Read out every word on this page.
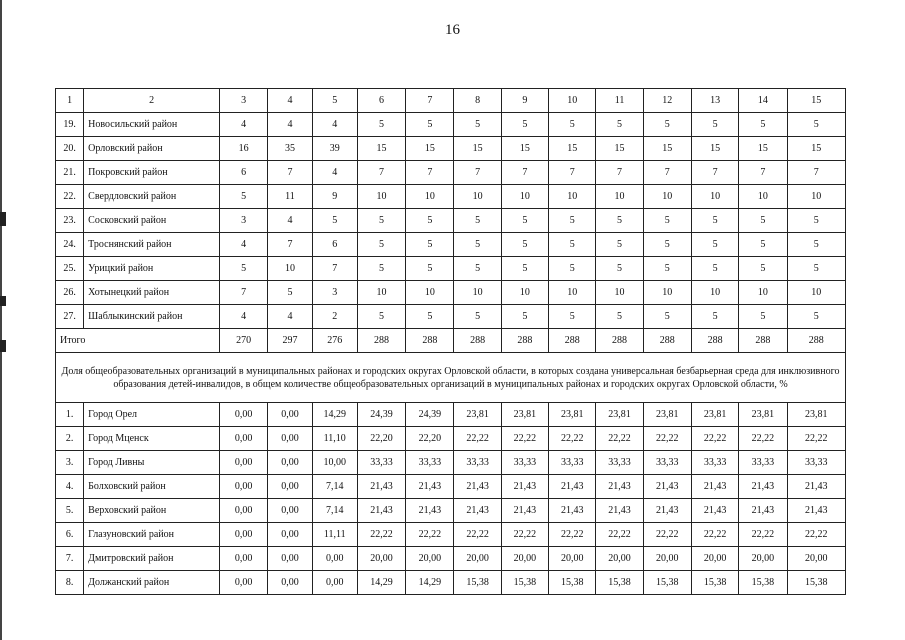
16
1	2	3	4	5	6	7	8	9	10	11	12	13	14	15
19.	Новосильский район	4	4	4	5	5	5	5	5	5	5	5	5	5
20.	Орловский район	16	35	39	15	15	15	15	15	15	15	15	15	15
21.	Покровский район	6	7	4	7	7	7	7	7	7	7	7	7	7
22.	Свердловский район	5	11	9	10	10	10	10	10	10	10	10	10	10
23.	Сосковский район	3	4	5	5	5	5	5	5	5	5	5	5	5
24.	Троснянский район	4	7	6	5	5	5	5	5	5	5	5	5	5
25.	Урицкий район	5	10	7	5	5	5	5	5	5	5	5	5	5
26.	Хотынецкий район	7	5	3	10	10	10	10	10	10	10	10	10	10
27.	Шаблыкинский район	4	4	2	5	5	5	5	5	5	5	5	5	5
Итого		270	297	276	288	288	288	288	288	288	288	288	288	288
Доля общеобразовательных организаций в муниципальных районах и городских округах Орловской области, в которых создана универсальная безбарьерная среда для инклюзивного образования детей-инвалидов, в общем количестве общеобразовательных организаций в муниципальных районах и городских округах Орловской области, %														
1.	Город Орел	0,00	0,00	14,29	24,39	24,39	23,81	23,81	23,81	23,81	23,81	23,81	23,81	23,81
2.	Город Мценск	0,00	0,00	11,10	22,20	22,20	22,22	22,22	22,22	22,22	22,22	22,22	22,22	22,22
3.	Город Ливны	0,00	0,00	10,00	33,33	33,33	33,33	33,33	33,33	33,33	33,33	33,33	33,33	33,33
4.	Болховский район	0,00	0,00	7,14	21,43	21,43	21,43	21,43	21,43	21,43	21,43	21,43	21,43	21,43
5.	Верховский район	0,00	0,00	7,14	21,43	21,43	21,43	21,43	21,43	21,43	21,43	21,43	21,43	21,43
6.	Глазуновский район	0,00	0,00	11,11	22,22	22,22	22,22	22,22	22,22	22,22	22,22	22,22	22,22	22,22
7.	Дмитровский район	0,00	0,00	0,00	20,00	20,00	20,00	20,00	20,00	20,00	20,00	20,00	20,00	20,00
8.	Должанский район	0,00	0,00	0,00	14,29	14,29	15,38	15,38	15,38	15,38	15,38	15,38	15,38	15,38
